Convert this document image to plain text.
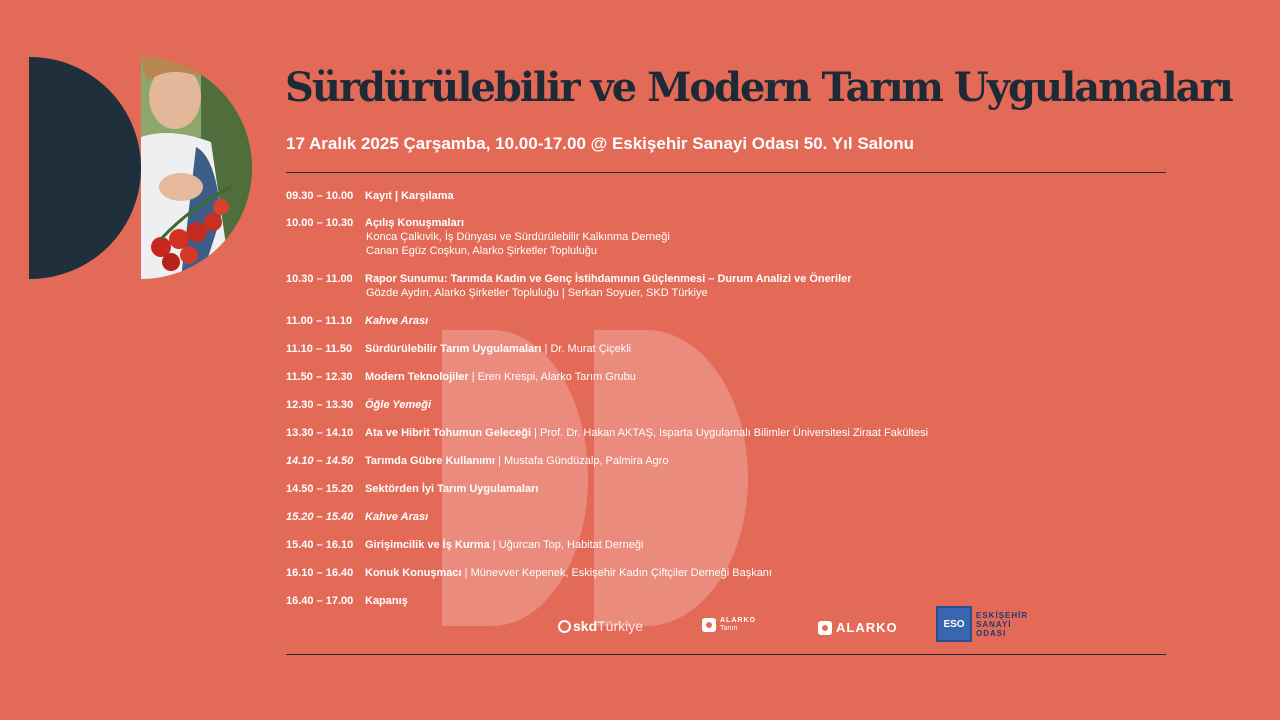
Sürdürülebilir ve Modern Tarım Uygulamaları
17 Aralık 2025 Çarşamba, 10.00-17.00 @ Eskişehir Sanayi Odası 50. Yıl Salonu
09.30 – 10.00 Kayıt | Karşılama
10.00 – 10.30 Açılış Konuşmaları
Konca Çalkıvik, İş Dünyası ve Sürdürülebilir Kalkınma Derneği
Canan Egüz Coşkun, Alarko Şirketler Topluluğu
10.30 – 11.00 Rapor Sunumu: Tarımda Kadın ve Genç İstihdamının Güçlenmesi – Durum Analizi ve Öneriler
Gözde Aydın, Alarko Şirketler Topluluğu | Serkan Soyuer, SKD Türkiye
11.00 – 11.10 Kahve Arası
11.10 – 11.50 Sürdürülebilir Tarım Uygulamaları | Dr. Murat Çiçekli
11.50 – 12.30 Modern Teknolojiler | Eren Krespi, Alarko Tarım Grubu
12.30 – 13.30 Öğle Yemeği
13.30 – 14.10 Ata ve Hibrit Tohumun Geleceği | Prof. Dr. Hakan AKTAŞ, Isparta Uygulamalı Bilimler Üniversitesi Ziraat Fakültesi
14.10 – 14.50 Tarımda Gübre Kullanımı | Mustafa Gündüzalp, Palmira Agro
14.50 – 15.20 Sektörden İyi Tarım Uygulamaları
15.20 – 15.40 Kahve Arası
15.40 – 16.10 Girişimcilik ve İş Kurma | Uğurcan Top, Habitat Derneği
16.10 – 16.40 Konuk Konuşmacı | Münevver Kepenek, Eskişehir Kadın Çiftçiler Derneği Başkanı
16.40 – 17.00 Kapanış
skd Türkiye	ALARKO
Tarım	ALARKO	ESO
ESKİŞEHİR
SANAYİ
ODASI
